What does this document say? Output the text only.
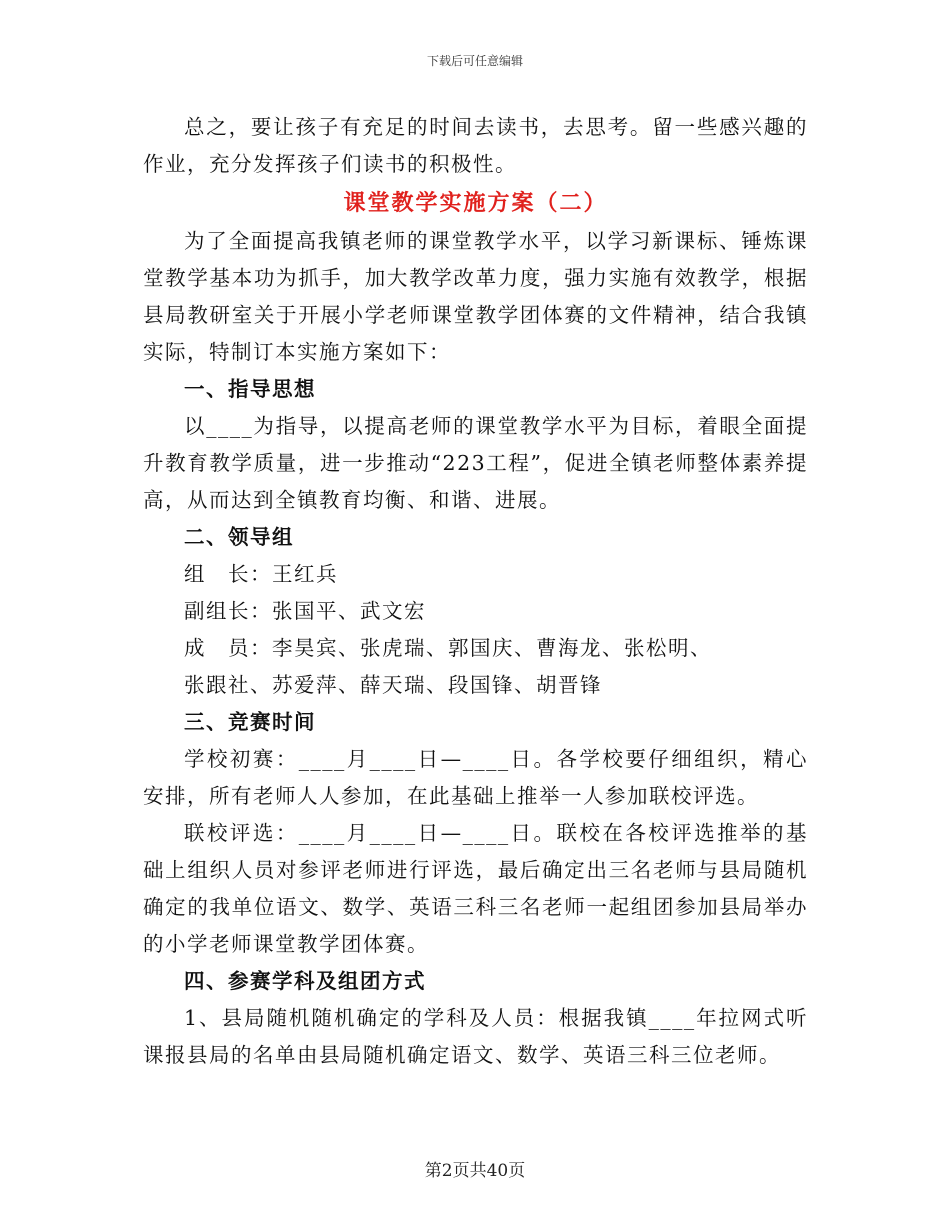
下载后可任意编辑

总之，要让孩子有充足的时间去读书，去思考。留一些感兴趣的作业，充分发挥孩子们读书的积极性。

课堂教学实施方案（二）

为了全面提高我镇老师的课堂教学水平，以学习新课标、锤炼课堂教学基本功为抓手，加大教学改革力度，强力实施有效教学，根据县局教研室关于开展小学老师课堂教学团体赛的文件精神，结合我镇实际，特制订本实施方案如下：

一、指导思想

以____为指导，以提高老师的课堂教学水平为目标，着眼全面提升教育教学质量，进一步推动“223工程”，促进全镇老师整体素养提高，从而达到全镇教育均衡、和谐、进展。

二、领导组

组　长：王红兵

副组长：张国平、武文宏

成　员：李昊宾、张虎瑞、郭国庆、曹海龙、张松明、

张跟社、苏爱萍、薛天瑞、段国锋、胡晋锋

三、竞赛时间

学校初赛：____月____日—____日。各学校要仔细组织，精心安排，所有老师人人参加，在此基础上推举一人参加联校评选。

联校评选：____月____日—____日。联校在各校评选推举的基础上组织人员对参评老师进行评选，最后确定出三名老师与县局随机确定的我单位语文、数学、英语三科三名老师一起组团参加县局举办的小学老师课堂教学团体赛。

四、参赛学科及组团方式

1、县局随机随机确定的学科及人员：根据我镇____年拉网式听课报县局的名单由县局随机确定语文、数学、英语三科三位老师。

第2页共40页
